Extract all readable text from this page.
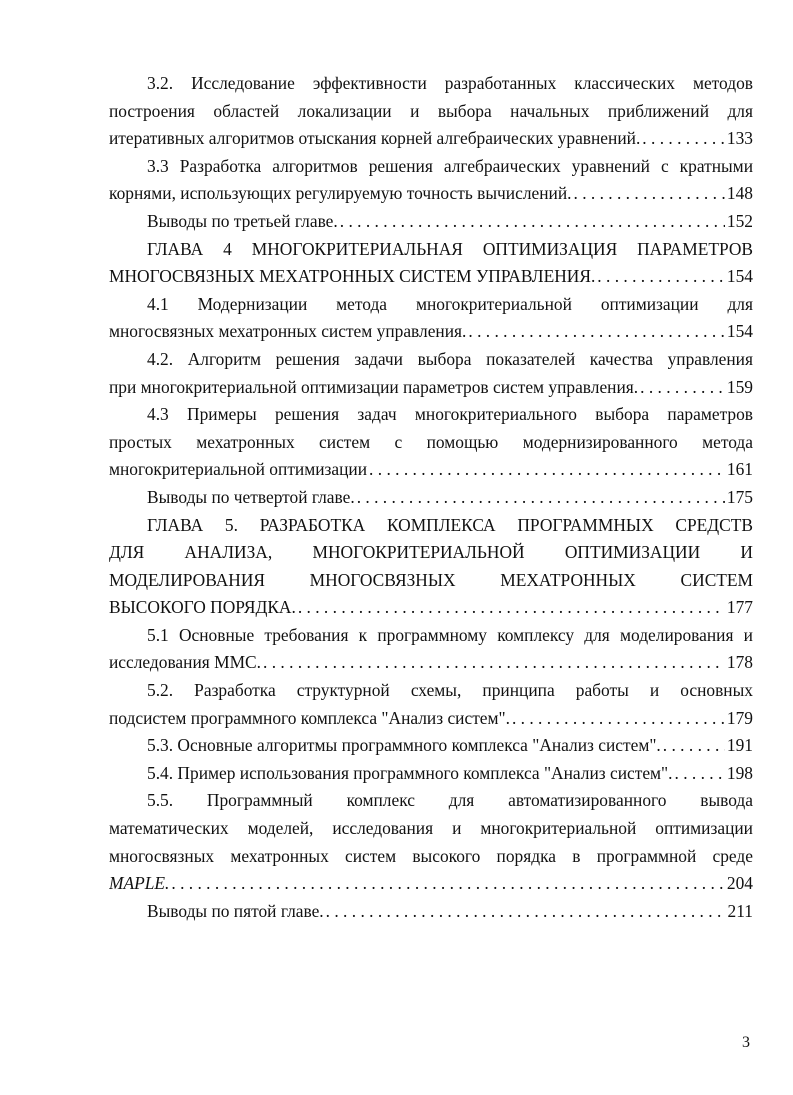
3.2. Исследование эффективности разработанных классических методов
построения областей локализации и выбора начальных приближений для
итеративных алгоритмов отыскания корней алгебраических уравнений. . . .	133
3.3 Разработка алгоритмов решения алгебраических уравнений с кратными
корнями, использующих регулируемую точность вычислений. . . .	148
Выводы по третьей главе. . . .	152
ГЛАВА 4 МНОГОКРИТЕРИАЛЬНАЯ ОПТИМИЗАЦИЯ ПАРАМЕТРОВ
МНОГОСВЯЗНЫХ МЕХАТРОННЫХ СИСТЕМ УПРАВЛЕНИЯ. . . .	154
4.1 Модернизации метода многокритериальной оптимизации для
многосвязных мехатронных систем управления. . . .	154
4.2. Алгоритм решения задачи выбора показателей качества управления
при многокритериальной оптимизации параметров систем управления. . . .	159
4.3 Примеры решения задач многокритериального выбора параметров
простых мехатронных систем с помощью модернизированного метода
многокритериальной оптимизации . . .	161
Выводы по четвертой главе. . . .	175
ГЛАВА 5. РАЗРАБОТКА КОМПЛЕКСА ПРОГРАММНЫХ СРЕДСТВ
ДЛЯ АНАЛИЗА, МНОГОКРИТЕРИАЛЬНОЙ ОПТИМИЗАЦИИ И
МОДЕЛИРОВАНИЯ МНОГОСВЯЗНЫХ МЕХАТРОННЫХ СИСТЕМ
ВЫСОКОГО ПОРЯДКА. . . .	177
5.1 Основные требования к программному комплексу для моделирования и
исследования ММС. . . .	178
5.2. Разработка структурной схемы, принципа работы и основных
подсистем программного комплекса "Анализ систем". . . .	179
5.3. Основные алгоритмы программного комплекса "Анализ систем". . . .	191
5.4. Пример использования программного комплекса "Анализ систем". . . .	198
5.5. Программный комплекс для автоматизированного вывода
математических моделей, исследования и многокритериальной оптимизации
многосвязных мехатронных систем высокого порядка в программной среде
MAPLE. . . .	204
Выводы по пятой главе. . . .	211
3
